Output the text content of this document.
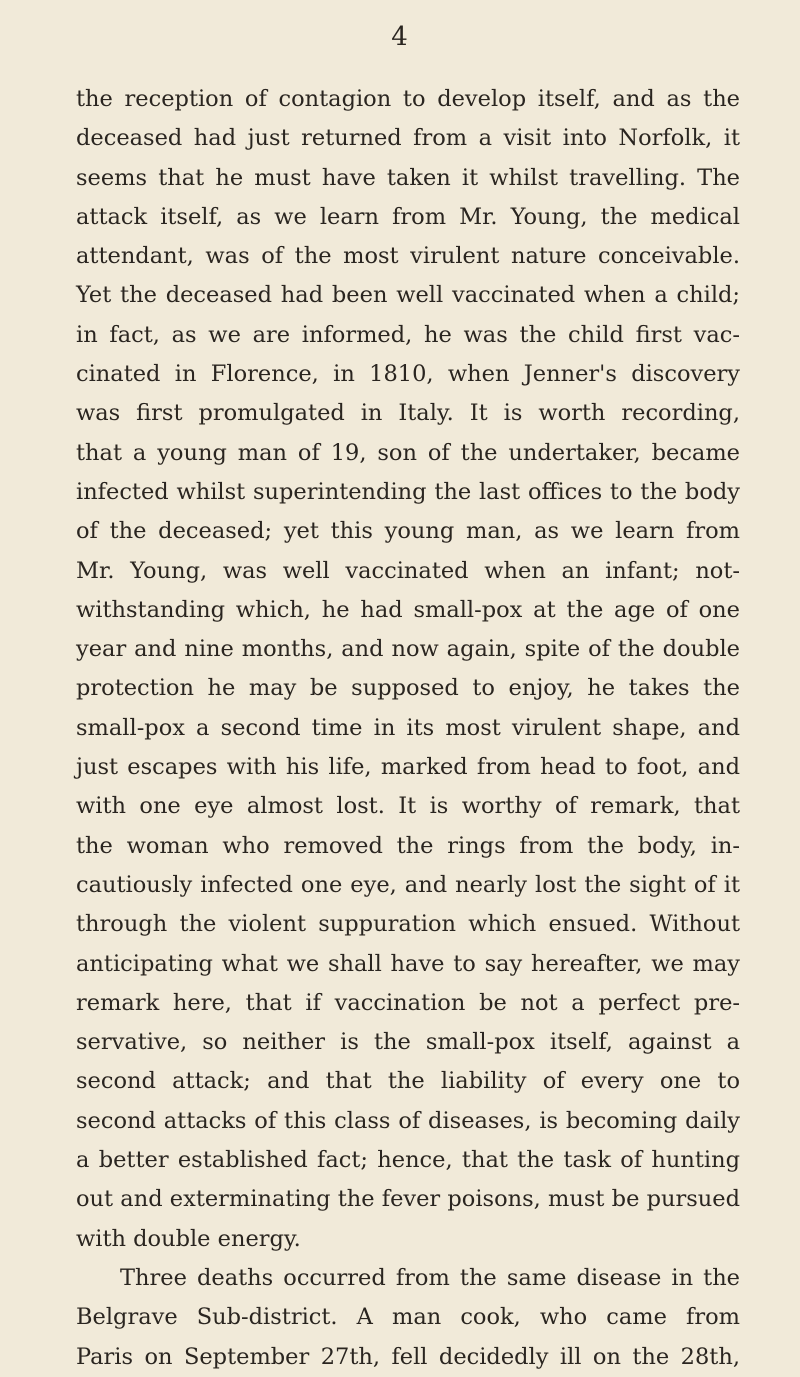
4
the reception of contagion to develop itself, and as the
deceased had just returned from a visit into Norfolk, it
seems that he must have taken it whilst travelling. The
attack itself, as we learn from Mr. Young, the medical
attendant, was of the most virulent nature conceivable.
Yet the deceased had been well vaccinated when a child;
in fact, as we are informed, he was the child first vac-
cinated in Florence, in 1810, when Jenner's discovery
was first promulgated in Italy. It is worth recording,
that a young man of 19, son of the undertaker, became
infected whilst superintending the last offices to the body
of the deceased; yet this young man, as we learn from
Mr. Young, was well vaccinated when an infant; not-
withstanding which, he had small-pox at the age of one
year and nine months, and now again, spite of the double
protection he may be supposed to enjoy, he takes the
small-pox a second time in its most virulent shape, and
just escapes with his life, marked from head to foot, and
with one eye almost lost. It is worthy of remark, that
the woman who removed the rings from the body, in-
cautiously infected one eye, and nearly lost the sight of it
through the violent suppuration which ensued. Without
anticipating what we shall have to say hereafter, we may
remark here, that if vaccination be not a perfect pre-
servative, so neither is the small-pox itself, against a
second attack; and that the liability of every one to
second attacks of this class of diseases, is becoming daily
a better established fact; hence, that the task of hunting
out and exterminating the fever poisons, must be pursued
with double energy.
Three deaths occurred from the same disease in the
Belgrave Sub-district. A man cook, who came from
Paris on September 27th, fell decidedly ill on the 28th,
